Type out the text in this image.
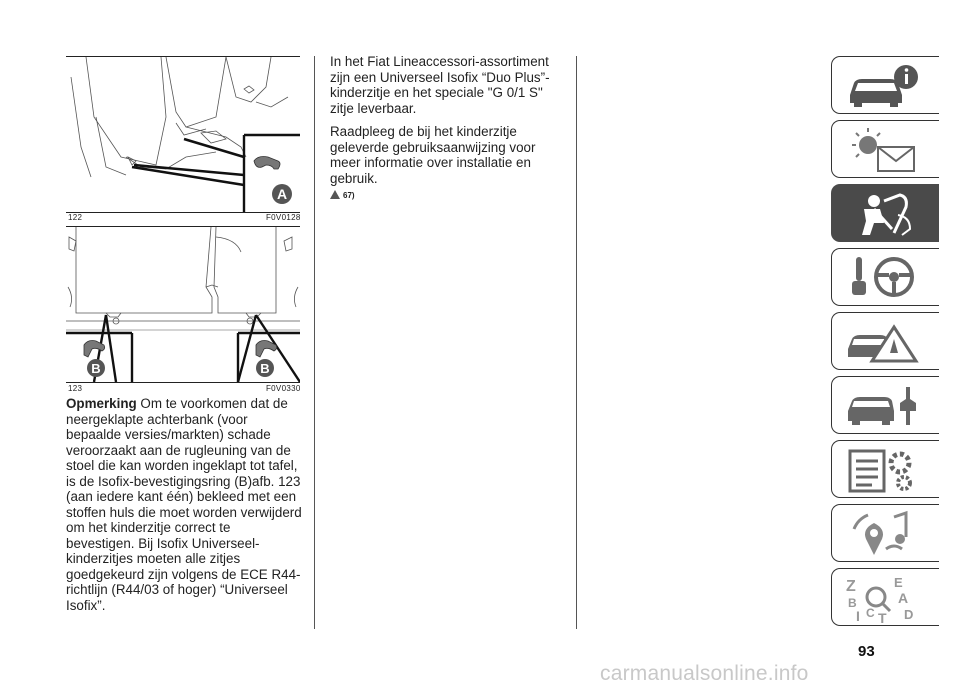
A
122	F0V0128
B	B
123	F0V0330

Opmerking Om te voorkomen dat de neergeklapte achterbank (voor bepaalde versies/markten) schade veroorzaakt aan de rugleuning van de stoel die kan worden ingeklapt tot tafel, is de Isofix-bevestigingsring (B)afb. 123 (aan iedere kant één) bekleed met een stoffen huls die moet worden verwijderd om het kinderzitje correct te bevestigen. Bij Isofix Universeel-kinderzitjes moeten alle zitjes goedgekeurd zijn volgens de ECE R44-richtlijn (R44/03 of hoger) “Universeel Isofix”.

In het Fiat Lineaccessori-assortiment zijn een Universeel Isofix “Duo Plus”-kinderzitje en het speciale "G 0/1 S" zitje leverbaar.

Raadpleeg de bij het kinderzitje geleverde gebruiksaanwijzing voor meer informatie over installatie en gebruik.

67)
Z	E
B	A
I C T D
93
carmanualsonline.info
